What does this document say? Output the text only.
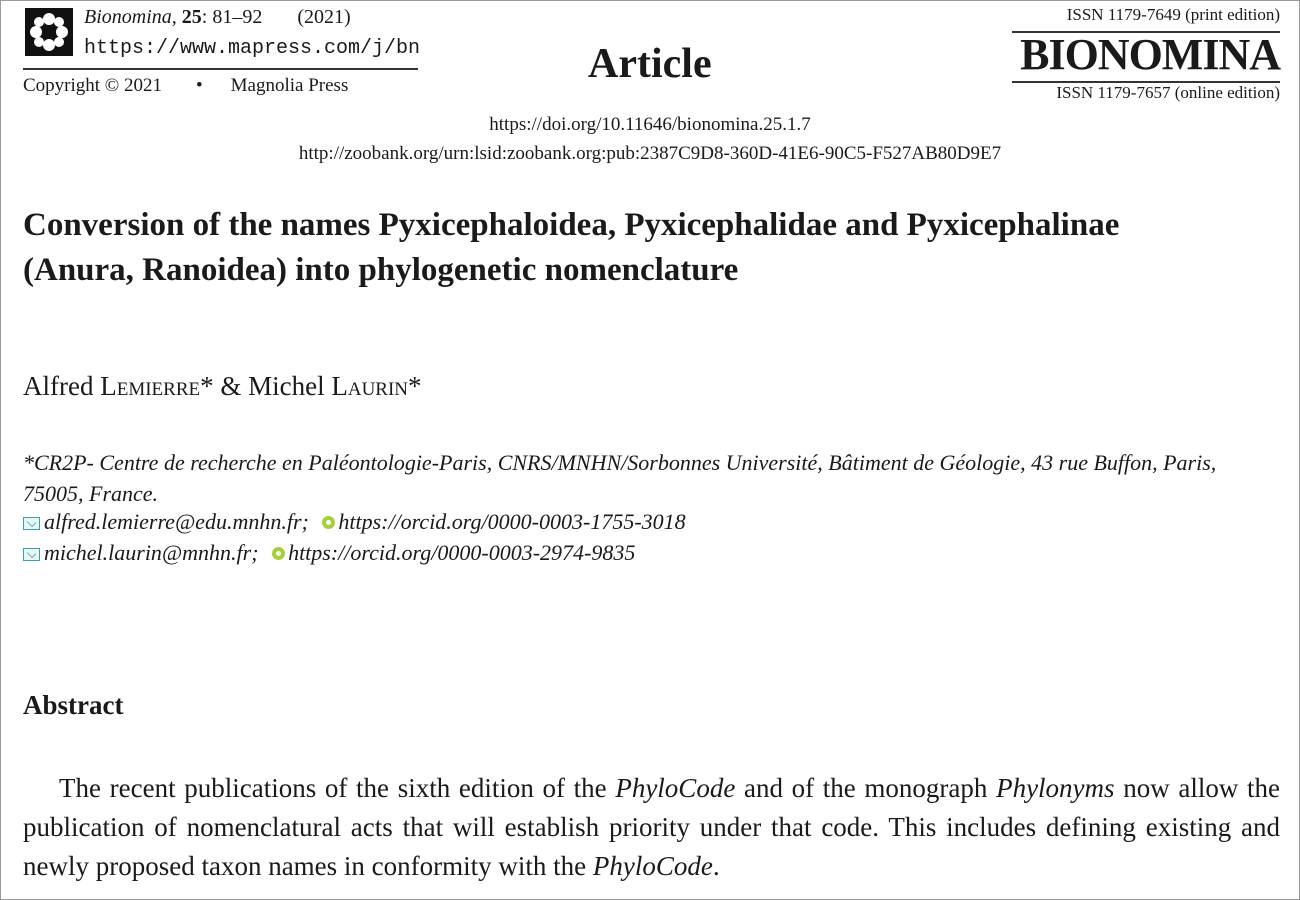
Bionomina, 25: 81–92 (2021)
https://www.mapress.com/j/bn
Copyright © 2021 • Magnolia Press	Article
ISSN 1179-7649 (print edition)
BIONOMINA
ISSN 1179-7657 (online edition)
https://doi.org/10.11646/bionomina.25.1.7
http://zoobank.org/urn:lsid:zoobank.org:pub:2387C9D8-360D-41E6-90C5-F527AB80D9E7
Conversion of the names Pyxicephaloidea, Pyxicephalidae and Pyxicephalinae
(Anura, Ranoidea) into phylogenetic nomenclature
Alfred Lemierre* & Michel Laurin*
*CR2P- Centre de recherche en Paléontologie-Paris, CNRS/MNHN/Sorbonnes Université, Bâtiment de Géologie, 43 rue Buffon, Paris, 75005, France.
alfred.lemierre@edu.mnhn.fr; https://orcid.org/0000-0003-1755-3018
michel.laurin@mnhn.fr; https://orcid.org/0000-0003-2974-9835
Abstract

The recent publications of the sixth edition of the PhyloCode and of the monograph Phylonyms now allow the publication of nomenclatural acts that will establish priority under that code. This includes defining existing and newly proposed taxon names in conformity with the PhyloCode.
